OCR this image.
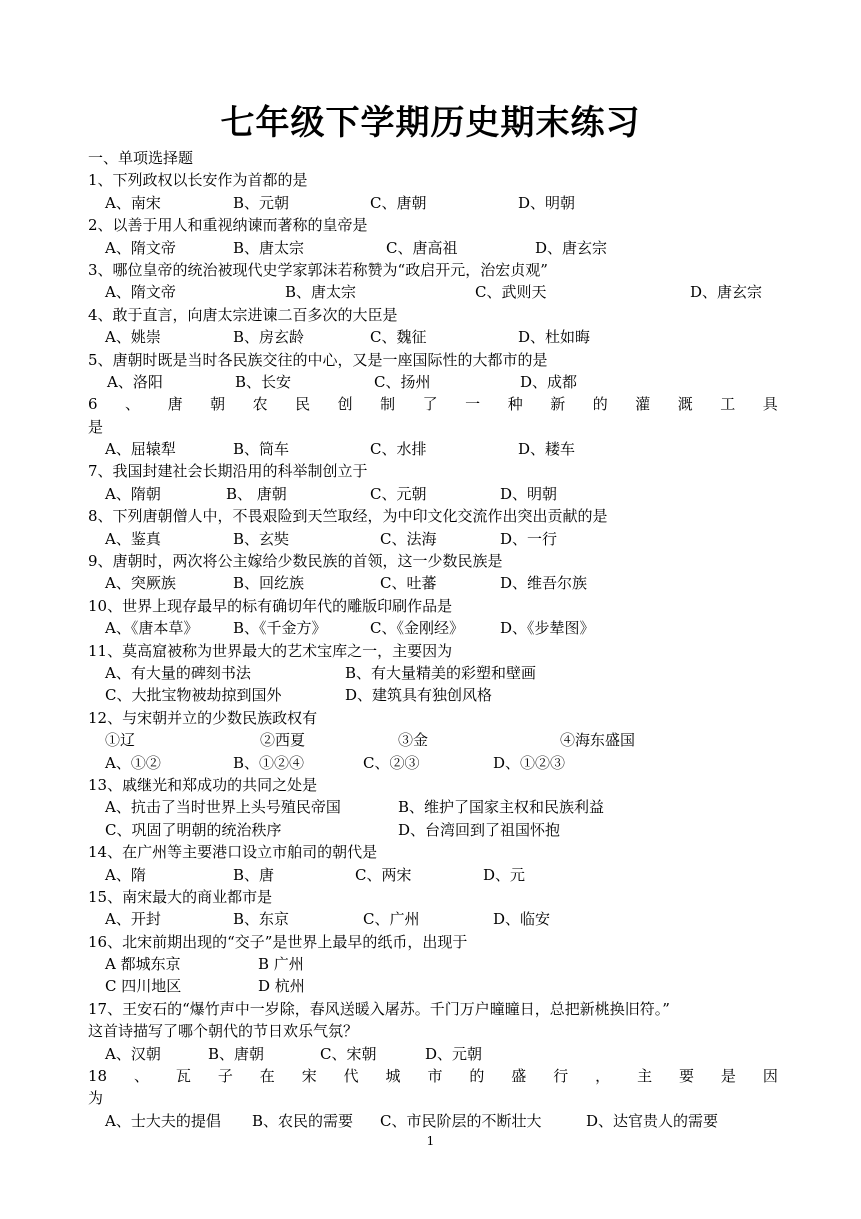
七年级下学期历史期末练习
一、单项选择题
1、下列政权以长安作为首都的是
A、南宋	B、元朝	C、唐朝	D、明朝
2、以善于用人和重视纳谏而著称的皇帝是
A、隋文帝	B、唐太宗	C、唐高祖	D、唐玄宗
3、哪位皇帝的统治被现代史学家郭沫若称赞为“政启开元，治宏贞观”
A、隋文帝	B、唐太宗	C、武则天	D、唐玄宗
4、敢于直言，向唐太宗进谏二百多次的大臣是
A、姚崇	B、房玄龄	C、魏征	D、杜如晦
5、唐朝时既是当时各民族交往的中心，又是一座国际性的大都市的是
A、洛阳	B、长安	C、扬州	D、成都
6 、 唐 朝 农 民 创 制 了 一 种 新 的 灌 溉 工 具
是
A、屈辕犁	B、筒车	C、水排	D、耧车
7、我国封建社会长期沿用的科举制创立于
A、隋朝	B、 唐朝	C、元朝	D、明朝
8、下列唐朝僧人中，不畏艰险到天竺取经，为中印文化交流作出突出贡献的是
A、鉴真	B、玄奘	C、法海	D、一行
9、唐朝时，两次将公主嫁给少数民族的首领，这一少数民族是
A、突厥族	B、回纥族	C、吐蕃	D、维吾尔族
10、世界上现存最早的标有确切年代的雕版印刷作品是
A、《唐本草》 B、《千金方》	C、《金刚经》 D、《步辇图》
11、莫高窟被称为世界最大的艺术宝库之一，主要因为
A、有大量的碑刻书法	B、有大量精美的彩塑和壁画
C、大批宝物被劫掠到国外	D、建筑具有独创风格
12、与宋朝并立的少数民族政权有
①辽	②西夏	③金	④海东盛国
A、①②	B、①②④	C、②③	D、①②③
13、戚继光和郑成功的共同之处是
A、抗击了当时世界上头号殖民帝国	B、维护了国家主权和民族利益
C、巩固了明朝的统治秩序	D、台湾回到了祖国怀抱
14、在广州等主要港口设立市舶司的朝代是
A、隋	B、唐	C、两宋	D、元
15、南宋最大的商业都市是
A、开封	B、东京	C、广州	D、临安
16、北宋前期出现的“交子”是世界上最早的纸币，出现于
A 都城东京	B 广州
C 四川地区	D 杭州
17、王安石的“爆竹声中一岁除，春风送暖入屠苏。千门万户曈曈日，总把新桃换旧符。”
这首诗描写了哪个朝代的节日欢乐气氛？
A、汉朝	B、唐朝	C、宋朝	D、元朝
18 、 瓦 子 在 宋 代 城 市 的 盛 行 ， 主 要 是 因
为
A、士大夫的提倡 B、农民的需要 C、市民阶层的不断壮大	D、达官贵人的需要
1
